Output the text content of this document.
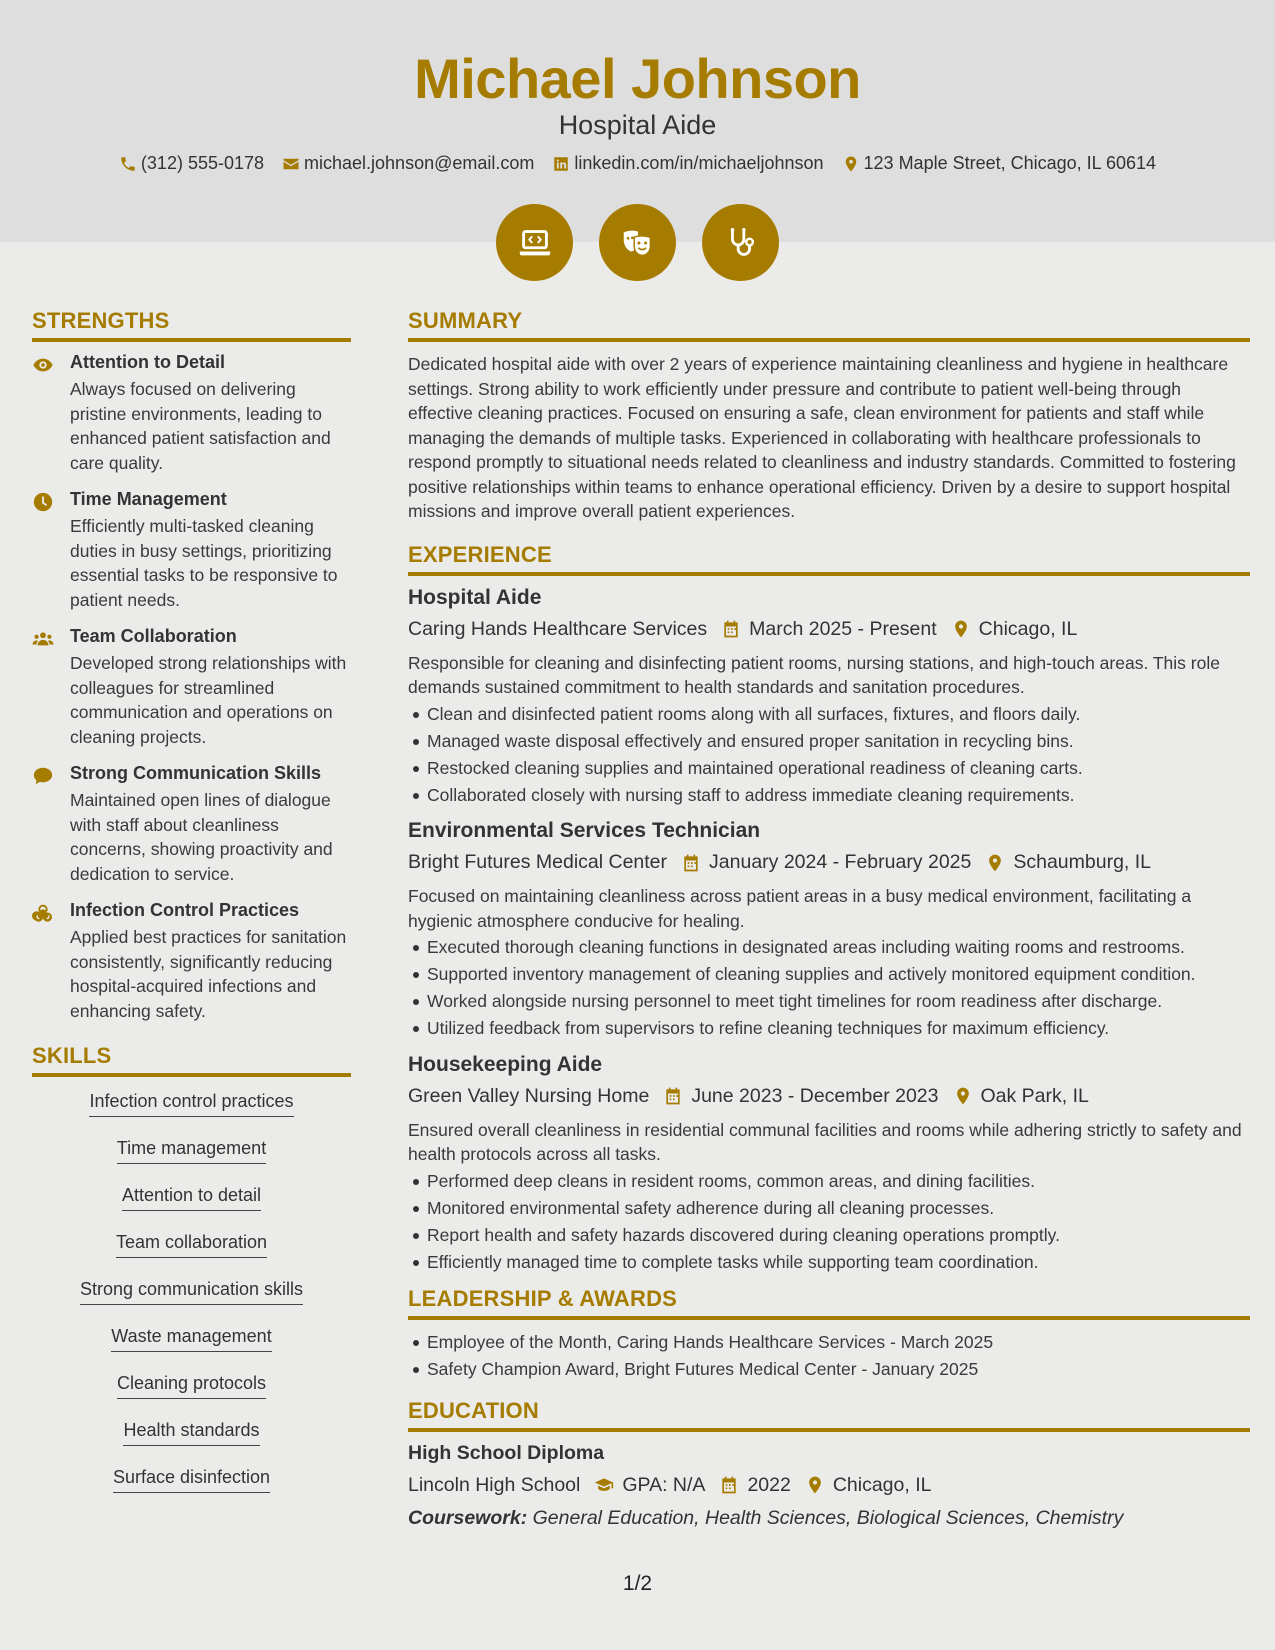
Michael Johnson
Hospital Aide
(312) 555-0178 michael.johnson@email.com linkedin.com/in/michaeljohnson 123 Maple Street, Chicago, IL 60614
STRENGTHS
Attention to Detail

Always focused on delivering pristine environments, leading to enhanced patient satisfaction and care quality.

Time Management

Efficiently multi-tasked cleaning duties in busy settings, prioritizing essential tasks to be responsive to patient needs.

Team Collaboration

Developed strong relationships with colleagues for streamlined communication and operations on cleaning projects.

Strong Communication Skills

Maintained open lines of dialogue with staff about cleanliness concerns, showing proactivity and dedication to service.

Infection Control Practices

Applied best practices for sanitation consistently, significantly reducing hospital-acquired infections and enhancing safety.

SKILLS
Infection control practices
Time management
Attention to detail
Team collaboration
Strong communication skills
Waste management
Cleaning protocols
Health standards
Surface disinfection
SUMMARY

Dedicated hospital aide with over 2 years of experience maintaining cleanliness and hygiene in healthcare settings. Strong ability to work efficiently under pressure and contribute to patient well-being through effective cleaning practices. Focused on ensuring a safe, clean environment for patients and staff while managing the demands of multiple tasks. Experienced in collaborating with healthcare professionals to respond promptly to situational needs related to cleanliness and industry standards. Committed to fostering positive relationships within teams to enhance operational efficiency. Driven by a desire to support hospital missions and improve overall patient experiences.

EXPERIENCE
Hospital Aide
Caring Hands Healthcare Services March 2025 - Present Chicago, IL

Responsible for cleaning and disinfecting patient rooms, nursing stations, and high-touch areas. This role demands sustained commitment to health standards and sanitation procedures.

Clean and disinfected patient rooms along with all surfaces, fixtures, and floors daily.
Managed waste disposal effectively and ensured proper sanitation in recycling bins.
Restocked cleaning supplies and maintained operational readiness of cleaning carts.
Collaborated closely with nursing staff to address immediate cleaning requirements.
Environmental Services Technician
Bright Futures Medical Center January 2024 - February 2025 Schaumburg, IL

Focused on maintaining cleanliness across patient areas in a busy medical environment, facilitating a hygienic atmosphere conducive for healing.

Executed thorough cleaning functions in designated areas including waiting rooms and restrooms.
Supported inventory management of cleaning supplies and actively monitored equipment condition.
Worked alongside nursing personnel to meet tight timelines for room readiness after discharge.
Utilized feedback from supervisors to refine cleaning techniques for maximum efficiency.
Housekeeping Aide
Green Valley Nursing Home June 2023 - December 2023 Oak Park, IL

Ensured overall cleanliness in residential communal facilities and rooms while adhering strictly to safety and health protocols across all tasks.

Performed deep cleans in resident rooms, common areas, and dining facilities.
Monitored environmental safety adherence during all cleaning processes.
Report health and safety hazards discovered during cleaning operations promptly.
Efficiently managed time to complete tasks while supporting team coordination.
LEADERSHIP & AWARDS
Employee of the Month, Caring Hands Healthcare Services - March 2025
Safety Champion Award, Bright Futures Medical Center - January 2025
EDUCATION
High School Diploma
Lincoln High School GPA: N/A 2022 Chicago, IL
Coursework: General Education, Health Sciences, Biological Sciences, Chemistry
1/2
